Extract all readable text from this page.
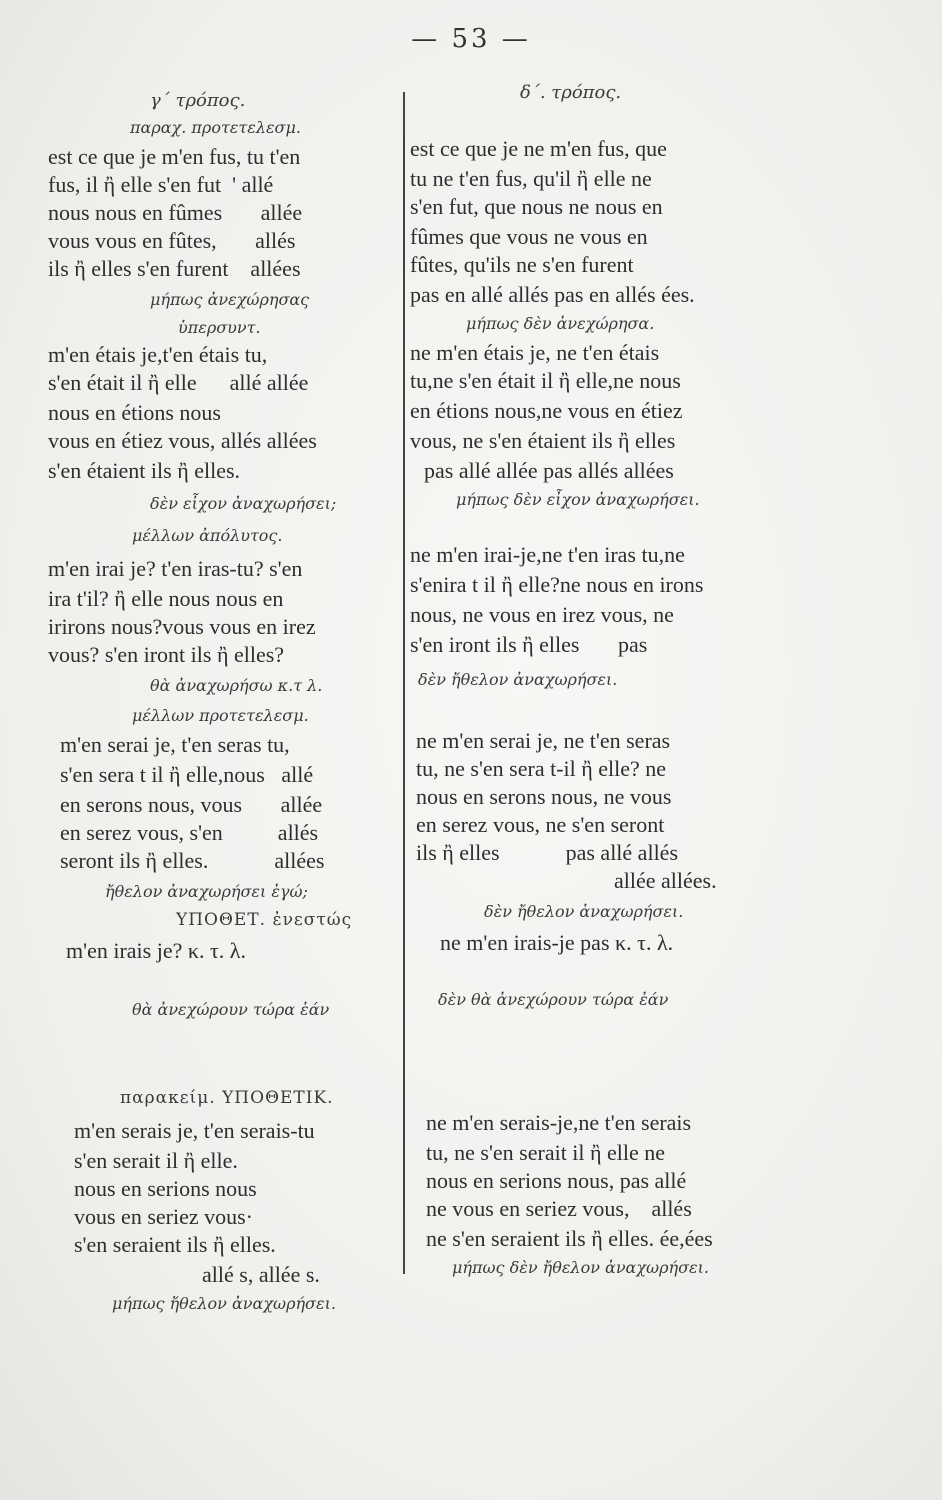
— 53 —
γ΄ τρόπος.
παραχ. προτετελεσμ.
est ce que je m'en fus, tu t'en
fus, il ἢ elle s'en fut  ' allé
nous nous en fûmes       allée
vous vous en fûtes,       allés
ils ἢ elles s'en furent    allées
μήπως ἀνεχώρησας
ὑπερσυντ.
m'en étais je,t'en étais tu,
s'en était il ἢ elle      allé allée
nous en étions nous
vous en étiez vous, allés allées
s'en étaient ils ἢ elles.
δὲν εἶχον ἀναχωρήσει;
μέλλων ἀπόλυτος.
m'en irai je? t'en iras-tu? s'en
ira t'il? ἢ elle nous nous en
irirons nous?vous vous en irez
vous? s'en iront ils ἢ elles?
θὰ ἀναχωρήσω κ.τ λ.
μέλλων προτετελεσμ.
m'en serai je, t'en seras tu,
s'en sera t il ἢ elle,nous   allé
en serons nous, vous       allée
en serez vous, s'en          allés
seront ils ἢ elles.            allées
ἤθελον ἀναχωρήσει ἐγώ;
ΥΠΟΘΕΤ. ἐνεστώς
m'en irais je? κ. τ. λ.
θὰ ἀνεχώρουν τώρα ἐάν
παρακείμ. ΥΠΟΘΕΤΙΚ.
m'en serais je, t'en serais-tu
s'en serait il ἢ elle.
nous en serions nous
vous en seriez vous·
s'en seraient ils ἢ elles.
allé s, allée s.
μήπως ἤθελον ἀναχωρήσει.
δ΄. τρόπος.
est ce que je ne m'en fus, que
tu ne t'en fus, qu'il ἢ elle ne
s'en fut, que nous ne nous en
fûmes que vous ne vous en
fûtes, qu'ils ne s'en furent
pas en allé allés pas en allés ées.
μήπως δὲν ἀνεχώρησα.
ne m'en étais je, ne t'en étais
tu,ne s'en était il ἢ elle,ne nous
en étions nous,ne vous en étiez
vous, ne s'en étaient ils ἢ elles
pas allé allée pas allés allées
μήπως δὲν εἶχον ἀναχωρήσει.
ne m'en irai-je,ne t'en iras tu,ne
s'enira t il ἢ elle?ne nous en irons
nous, ne vous en irez vous, ne
s'en iront ils ἢ elles       pas
δὲν ἤθελον ἀναχωρήσει.
ne m'en serai je, ne t'en seras
tu, ne s'en sera t-il ἢ elle? ne
nous en serons nous, ne vous
en serez vous, ne s'en seront
ils ἢ elles            pas allé allés
allée allées.
δὲν ἤθελον ἀναχωρήσει.
ne m'en irais-je pas κ. τ. λ.
δὲν θὰ ἀνεχώρουν τώρα ἐάν
ne m'en serais-je,ne t'en serais
tu, ne s'en serait il ἢ elle ne
nous en serions nous, pas allé
ne vous en seriez vous,    allés
ne s'en seraient ils ἢ elles. ée,ées
μήπως δὲν ἤθελον ἀναχωρήσει.
